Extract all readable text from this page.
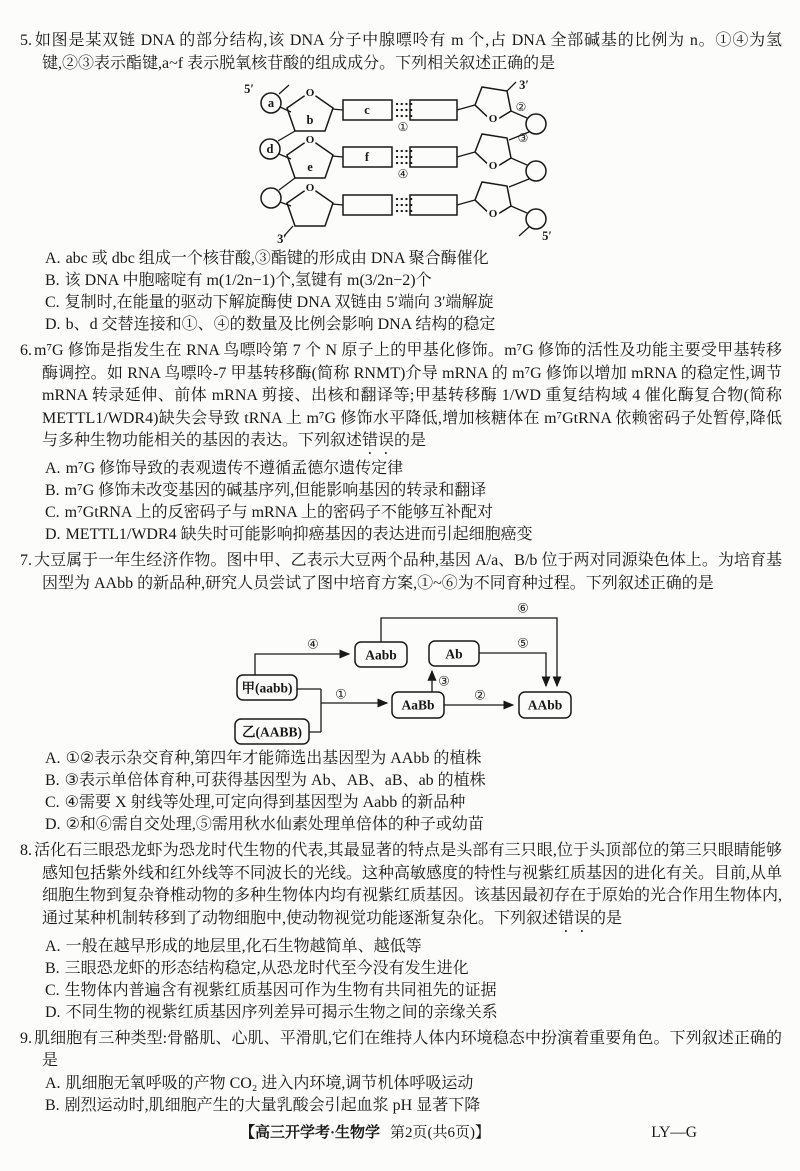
5. 如图是某双链 DNA 的部分结构,该 DNA 分子中腺嘌呤有 m 个,占 DNA 全部碱基的比例为 n。①④为氢键,②③表示酯键,a~f 表示脱氧核苷酸的组成成分。下列相关叙述正确的是

5′	3′
3′	5′
a
b
c
d
e
f
O
O
O
O
O
O
①
④
②
③
A. abc 或 dbc 组成一个核苷酸,③酯键的形成由 DNA 聚合酶催化
B. 该 DNA 中胞嘧啶有 m(1/2n−1)个,氢键有 m(3/2n−2)个
C. 复制时,在能量的驱动下解旋酶使 DNA 双链由 5′端向 3′端解旋
D. b、d 交替连接和①、④的数量及比例会影响 DNA 结构的稳定

6. m⁷G 修饰是指发生在 RNA 鸟嘌呤第 7 个 N 原子上的甲基化修饰。m⁷G 修饰的活性及功能主要受甲基转移酶调控。如 RNA 鸟嘌呤-7 甲基转移酶(简称 RNMT)介导 mRNA 的 m⁷G 修饰以增加 mRNA 的稳定性,调节 mRNA 转录延伸、前体 mRNA 剪接、出核和翻译等;甲基转移酶 1/WD 重复结构域 4 催化酶复合物(简称 METTL1/WDR4)缺失会导致 tRNA 上 m⁷G 修饰水平降低,增加核糖体在 m⁷GtRNA 依赖密码子处暂停,降低与多种生物功能相关的基因的表达。下列叙述错误的是

A. m⁷G 修饰导致的表观遗传不遵循孟德尔遗传定律
B. m⁷G 修饰未改变基因的碱基序列,但能影响基因的转录和翻译
C. m⁷GtRNA 上的反密码子与 mRNA 上的密码子不能够互补配对
D. METTL1/WDR4 缺失时可能影响抑癌基因的表达进而引起细胞癌变

7. 大豆属于一年生经济作物。图中甲、乙表示大豆两个品种,基因 A/a、B/b 位于两对同源染色体上。为培育基因型为 AAbb 的新品种,研究人员尝试了图中培育方案,①~⑥为不同育种过程。下列叙述正确的是

甲(aabb)
乙(AABB)
Aabb	Ab
AaBb	AAbb
①	②
③
④	⑤
⑥
A. ①②表示杂交育种,第四年才能筛选出基因型为 AAbb 的植株
B. ③表示单倍体育种,可获得基因型为 Ab、AB、aB、ab 的植株
C. ④需要 X 射线等处理,可定向得到基因型为 Aabb 的新品种
D. ②和⑥需自交处理,⑤需用秋水仙素处理单倍体的种子或幼苗

8. 活化石三眼恐龙虾为恐龙时代生物的代表,其最显著的特点是头部有三只眼,位于头顶部位的第三只眼睛能够感知包括紫外线和红外线等不同波长的光线。这种高敏感度的特性与视紫红质基因的进化有关。目前,从单细胞生物到复杂脊椎动物的多种生物体内均有视紫红质基因。该基因最初存在于原始的光合作用生物体内,通过某种机制转移到了动物细胞中,使动物视觉功能逐渐复杂化。下列叙述错误的是

A. 一般在越早形成的地层里,化石生物越简单、越低等
B. 三眼恐龙虾的形态结构稳定,从恐龙时代至今没有发生进化
C. 生物体内普遍含有视紫红质基因可作为生物有共同祖先的证据
D. 不同生物的视紫红质基因序列差异可揭示生物之间的亲缘关系

9. 肌细胞有三种类型:骨骼肌、心肌、平滑肌,它们在维持人体内环境稳态中扮演着重要角色。下列叙述正确的是

A. 肌细胞无氧呼吸的产物 CO₂ 进入内环境,调节机体呼吸运动
B. 剧烈运动时,肌细胞产生的大量乳酸会引起血浆 pH 显著下降
【高三开学考·生物学 第2页(共6页)】	LY—G
